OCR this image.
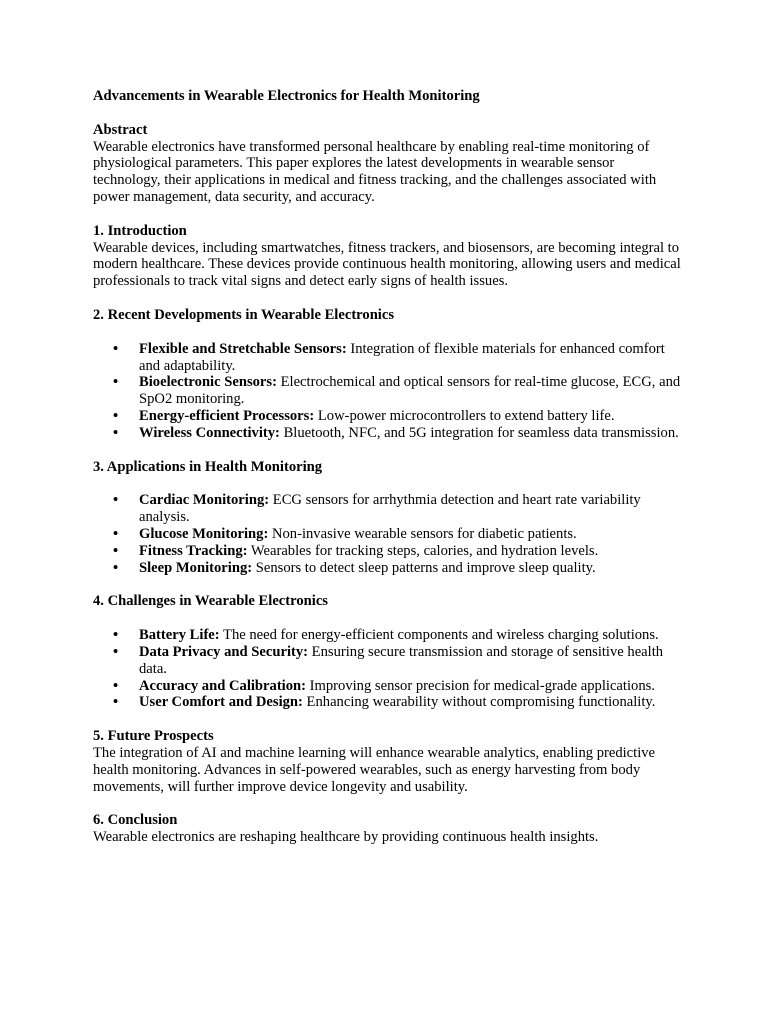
Advancements in Wearable Electronics for Health Monitoring

Abstract

Wearable electronics have transformed personal healthcare by enabling real-time monitoring of physiological parameters. This paper explores the latest developments in wearable sensor technology, their applications in medical and fitness tracking, and the challenges associated with power management, data security, and accuracy.

1. Introduction

Wearable devices, including smartwatches, fitness trackers, and biosensors, are becoming integral to modern healthcare. These devices provide continuous health monitoring, allowing users and medical professionals to track vital signs and detect early signs of health issues.

2. Recent Developments in Wearable Electronics

• Flexible and Stretchable Sensors: Integration of flexible materials for enhanced comfort and adaptability.
• Bioelectronic Sensors: Electrochemical and optical sensors for real-time glucose, ECG, and SpO2 monitoring.
• Energy-efficient Processors: Low-power microcontrollers to extend battery life.
• Wireless Connectivity: Bluetooth, NFC, and 5G integration for seamless data transmission.

3. Applications in Health Monitoring

• Cardiac Monitoring: ECG sensors for arrhythmia detection and heart rate variability analysis.
• Glucose Monitoring: Non-invasive wearable sensors for diabetic patients.
• Fitness Tracking: Wearables for tracking steps, calories, and hydration levels.
• Sleep Monitoring: Sensors to detect sleep patterns and improve sleep quality.

4. Challenges in Wearable Electronics

• Battery Life: The need for energy-efficient components and wireless charging solutions.
• Data Privacy and Security: Ensuring secure transmission and storage of sensitive health data.
• Accuracy and Calibration: Improving sensor precision for medical-grade applications.
• User Comfort and Design: Enhancing wearability without compromising functionality.

5. Future Prospects

The integration of AI and machine learning will enhance wearable analytics, enabling predictive health monitoring. Advances in self-powered wearables, such as energy harvesting from body movements, will further improve device longevity and usability.

6. Conclusion

Wearable electronics are reshaping healthcare by providing continuous health insights.
